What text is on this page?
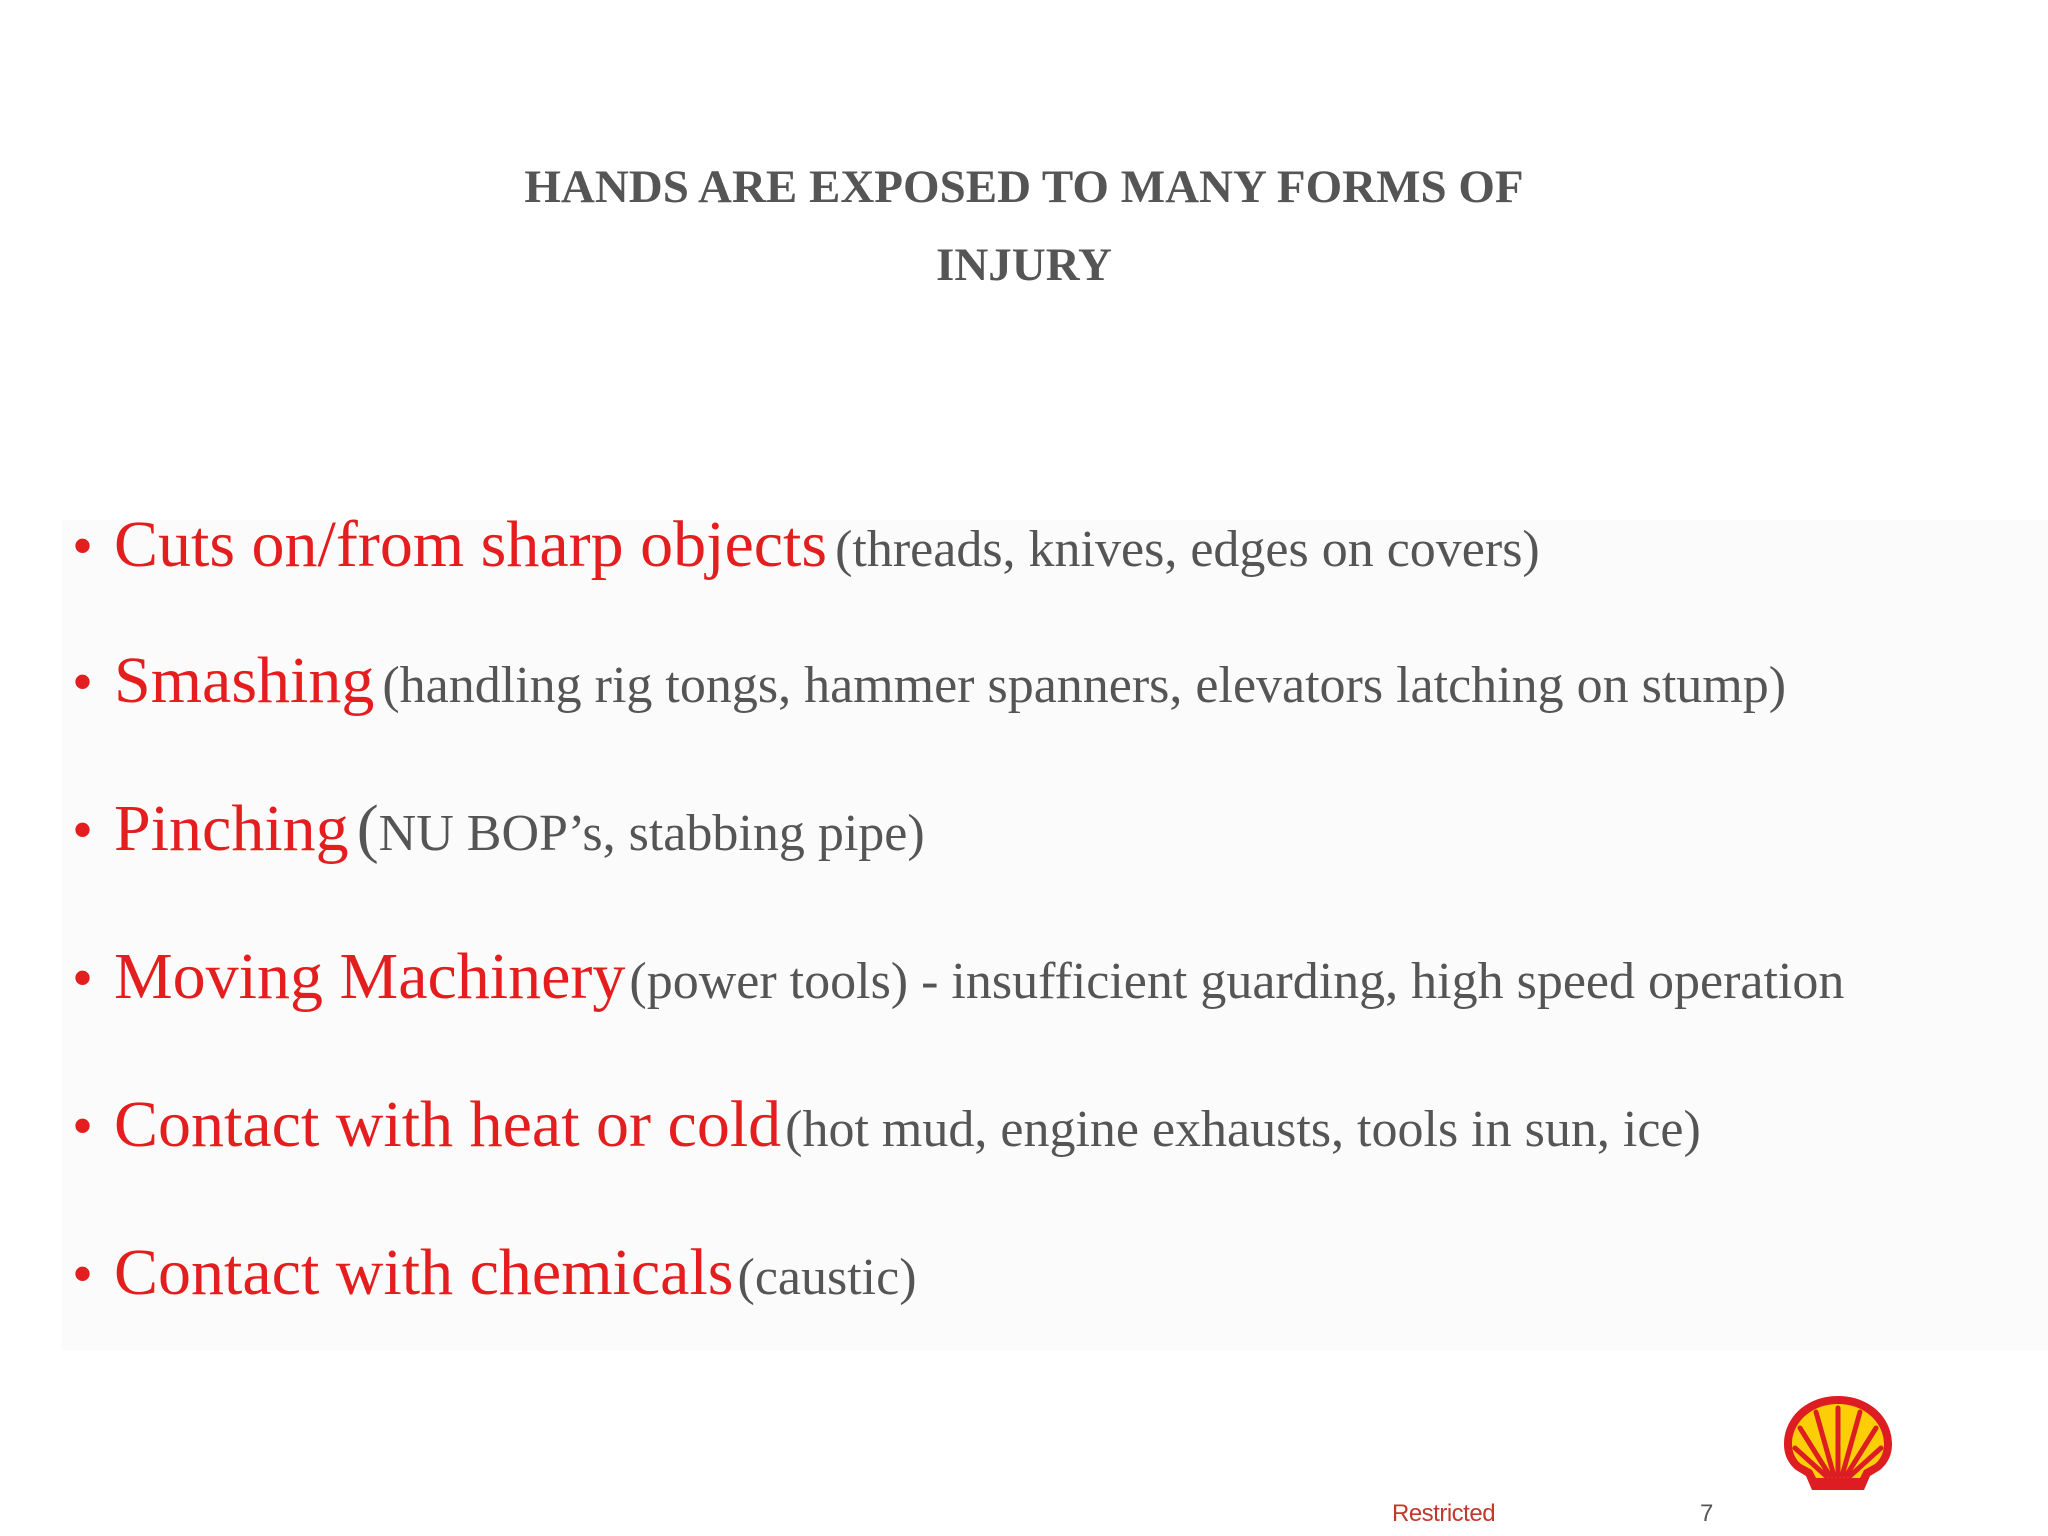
HANDS ARE EXPOSED TO MANY FORMS OF
INJURY
• Cuts on/from sharp objects (threads, knives, edges on covers)
• Smashing (handling rig tongs, hammer spanners, elevators latching on stump)
• Pinching (NU BOP’s, stabbing pipe)
• Moving Machinery (power tools) - insufficient guarding, high speed operation
• Contact with heat or cold (hot mud, engine exhausts, tools in sun, ice)
• Contact with chemicals (caustic)
Restricted	7
